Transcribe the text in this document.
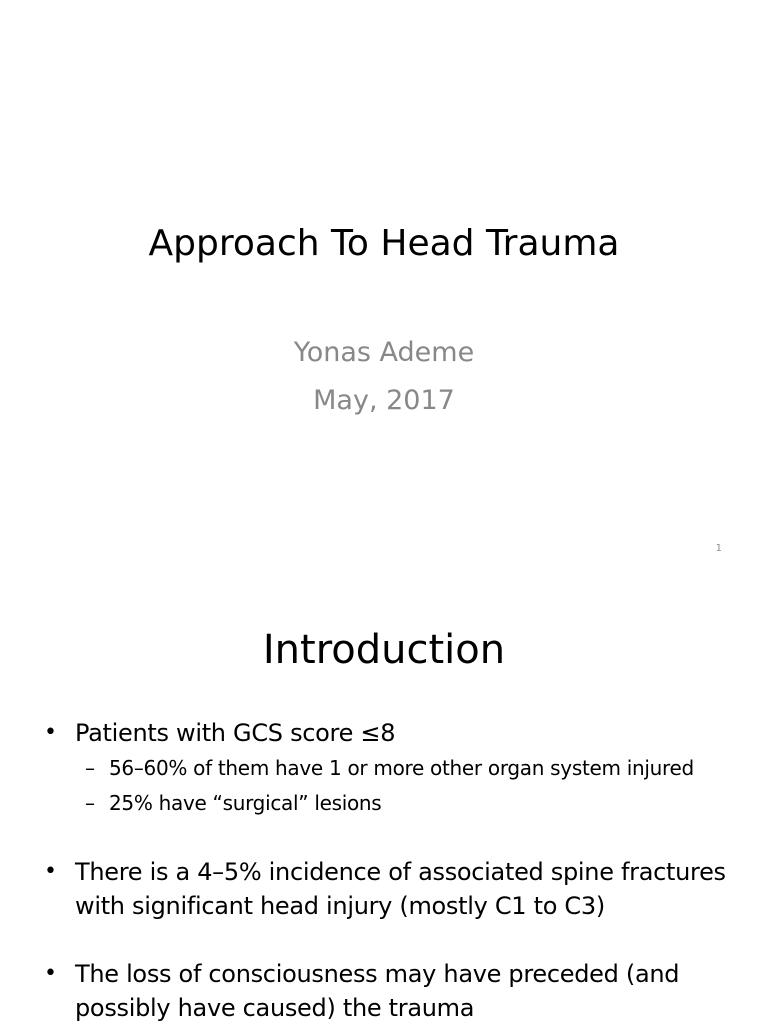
Approach To Head Trauma
Yonas Ademe
May, 2017
1
Introduction
• Patients with GCS score ≤8
– 56–60% of them have 1 or more other organ system injured
– 25% have “surgical” lesions
• There is a 4–5% incidence of associated spine fractures with significant head injury (mostly C1 to C3)
• The loss of consciousness may have preceded (and possibly have caused) the trauma
